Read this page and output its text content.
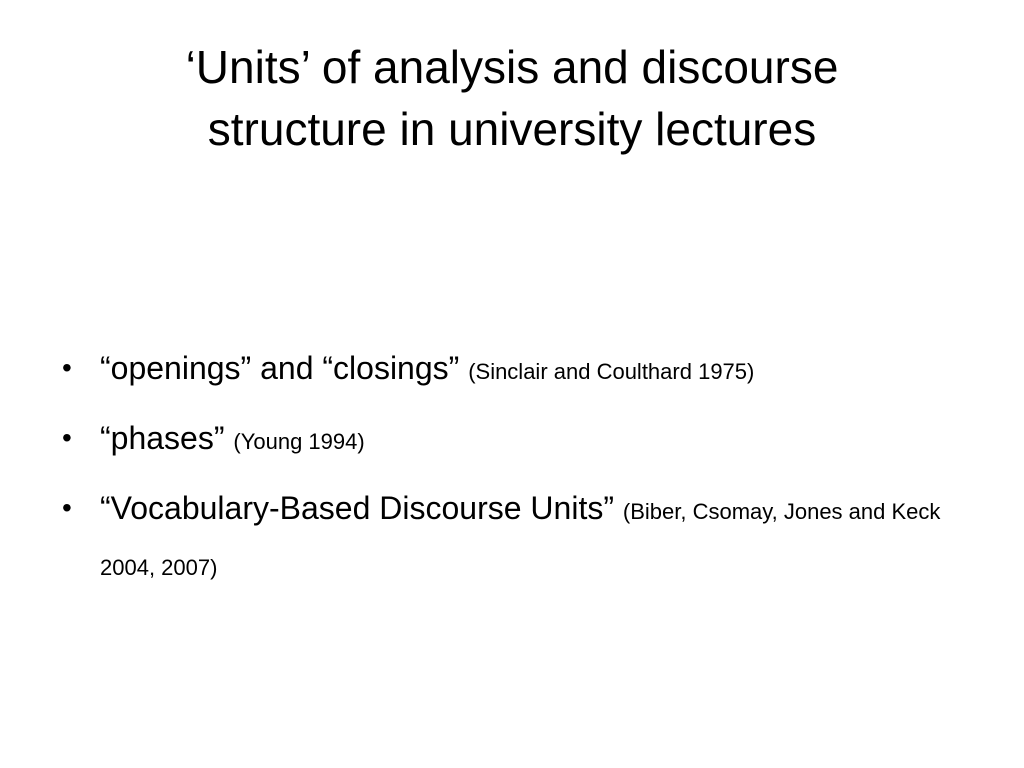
‘Units’ of analysis and discourse
structure in university lectures
• “openings” and “closings” (Sinclair and Coulthard 1975)
• “phases” (Young 1994)
• “Vocabulary-Based Discourse Units” (Biber, Csomay, Jones and Keck 2004, 2007)
